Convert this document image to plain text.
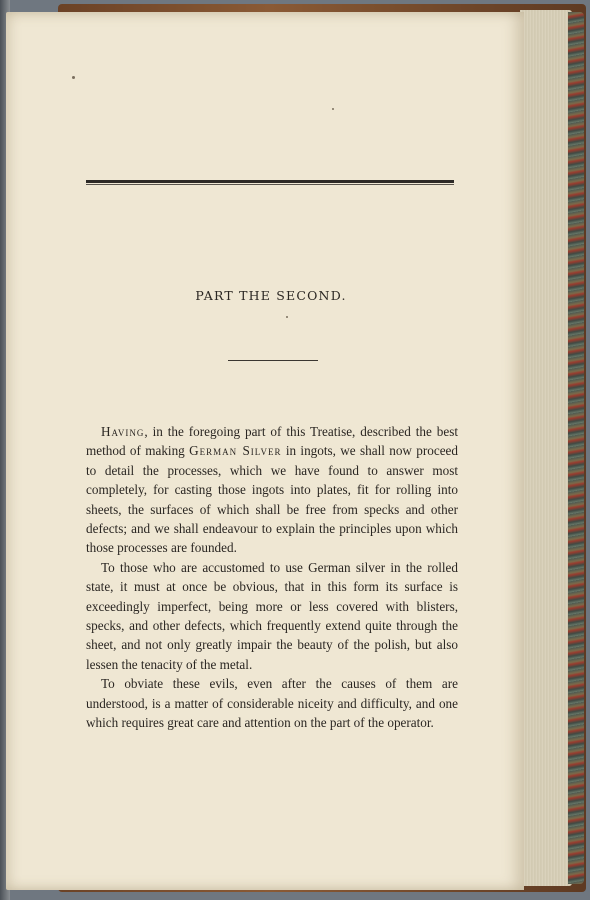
PART THE SECOND.

Having, in the foregoing part of this Treatise, described the best method of making German Silver in ingots, we shall now proceed to detail the processes, which we have found to answer most completely, for casting those ingots into plates, fit for rolling into sheets, the surfaces of which shall be free from specks and other defects; and we shall endeavour to explain the principles upon which those processes are founded.

To those who are accustomed to use German silver in the rolled state, it must at once be obvious, that in this form its surface is exceedingly imperfect, being more or less covered with blisters, specks, and other defects, which frequently extend quite through the sheet, and not only greatly impair the beauty of the polish, but also lessen the tenacity of the metal.

To obviate these evils, even after the causes of them are understood, is a matter of considerable niceity and difficulty, and one which requires great care and attention on the part of the operator.
